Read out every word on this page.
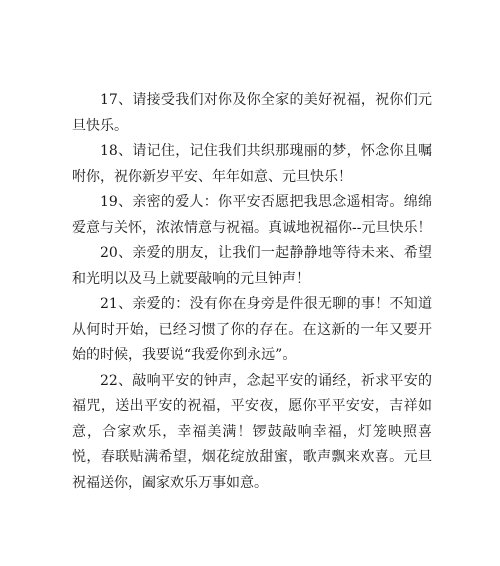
17、请接受我们对你及你全家的美好祝福，祝你们元旦快乐。

18、请记住，记住我们共织那瑰丽的梦，怀念你且嘱咐你，祝你新岁平安、年年如意、元旦快乐！

19、亲密的爱人：你平安否愿把我思念遥相寄。绵绵爱意与关怀，浓浓情意与祝福。真诚地祝福你--元旦快乐！

20、亲爱的朋友，让我们一起静静地等待未来、希望和光明以及马上就要敲响的元旦钟声！

21、亲爱的：没有你在身旁是件很无聊的事！不知道从何时开始，已经习惯了你的存在。在这新的一年又要开始的时候，我要说“我爱你到永远”。

22、敲响平安的钟声，念起平安的诵经，祈求平安的福咒，送出平安的祝福，平安夜，愿你平平安安，吉祥如意，合家欢乐，幸福美满！锣鼓敲响幸福，灯笼映照喜悦，春联贴满希望，烟花绽放甜蜜，歌声飘来欢喜。元旦祝福送你，阖家欢乐万事如意。
